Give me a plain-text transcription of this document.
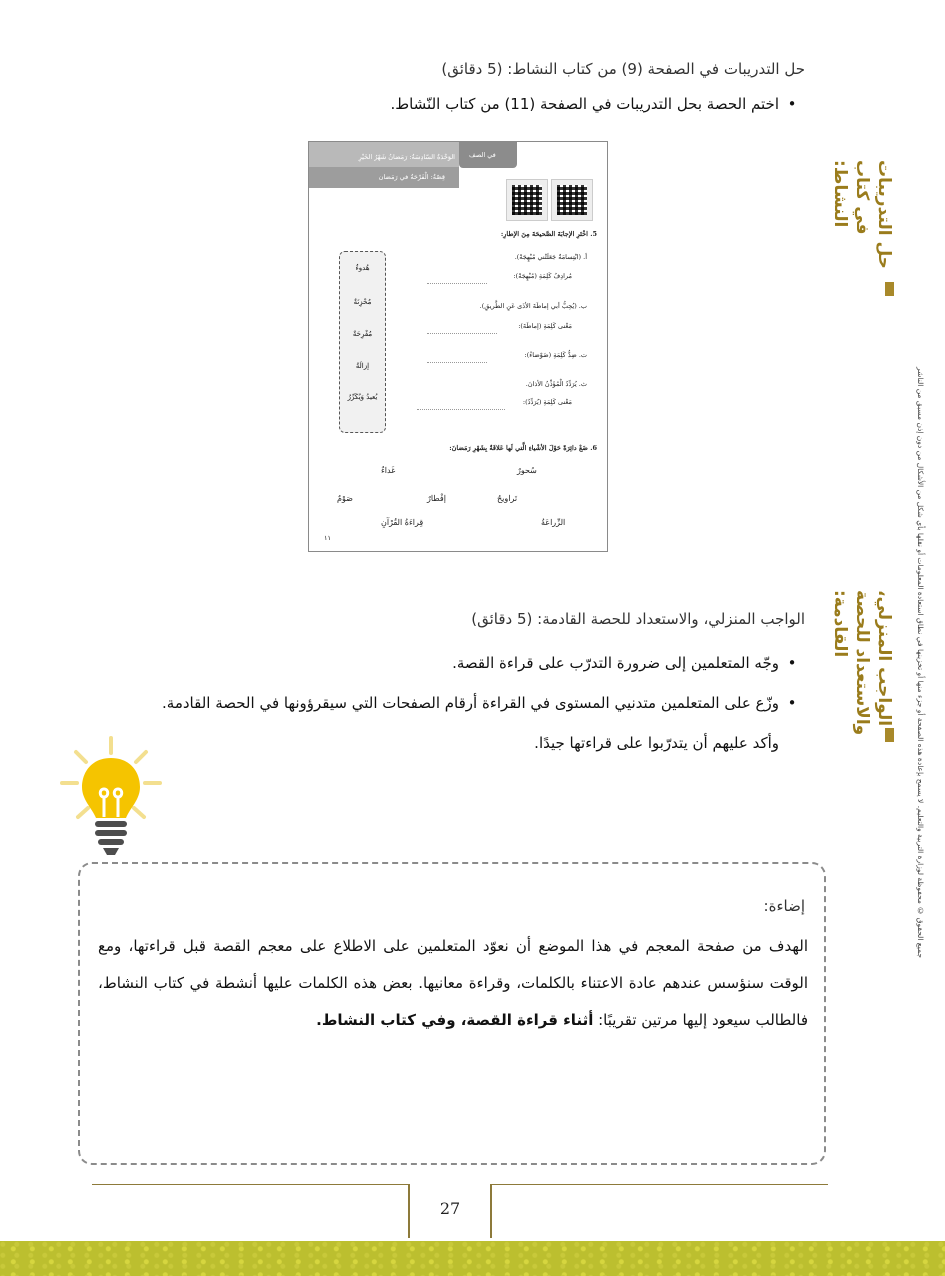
جميع الحقوق © محفوظة لوزارة التربية والتعليم. لا يسمح بإعادة هذه الصفحة أو جزء منها أو تخزينها في نطاق استعادة المعلومات أو نقلها بأي شكل من الأشكال من دون إذن مسبق من الناشر
حل التدريبات في كتاب النشاط:
الواجب المنزلي، والاستعداد للحصة القادمة:
حل التدريبات في الصفحة (9) من كتاب النشاط: (5 دقائق)
•
اختم الحصة بحل التدريبات في الصفحة (11) من كتاب النّشاط.
الوَحْدَةُ السّادِسَةُ: رَمَضانُ شَهْرُ الخَيْرِ
قِصّةُ: الْفَرْحَةُ في رَمَضان
في الصف
5. اخْتَرِ الإجابَةَ الصَّحيحَةَ مِنَ الإطارِ:
أ. (ابْتِسامَةٌ جَعَلَتْني مُبْهِجَةً).
مُرادِفُ كَلِمَةِ (مُبْهِجَةً):
ب. (يُحِبُّ أبي إماطَةَ الأذَى عَنِ الطَّريقِ).
مَعْنى كَلِمَةِ (إماطَةَ):
ت. ضِدُّ كَلِمَةِ (ضَوْضاءُ):
ث. يُرَدِّدُ الْمُؤَذِّنُ الأذانَ.
مَعْنى كَلِمَةِ (يُرَدِّدُ):
هُدوءٌ
مُحْزِنَةٌ
مُفْرِحَةٌ
إزالَةُ
يُعيدُ وَيُكَرِّرُ
6. ضَعْ دائِرَةً حَوْلَ الأشْياءِ الَّتي لَها عَلاقَةٌ بِشَهْرِ رَمَضانَ:
سُحورٌ
غَداءٌ
تَراويحُ
إفْطارٌ
صَوْمٌ
الزِّراعَةُ
قِراءَةُ القُرْآنِ
١١
الواجب المنزلي، والاستعداد للحصة القادمة: (5 دقائق)
•
وجّه المتعلمين إلى ضرورة التدرّب على قراءة القصة.
•
وزّع على المتعلمين متدنيي المستوى في القراءة أرقام الصفحات التي سيقرؤونها في الحصة القادمة.
وأكد عليهم أن يتدرّبوا على قراءتها جيدًا.
إضاءة:
الهدف من صفحة المعجم في هذا الموضع أن نعوّد المتعلمين على الاطلاع على معجم القصة قبل قراءتها، ومع الوقت سنؤسس عندهم عادة الاعتناء بالكلمات، وقراءة معانيها. بعض هذه الكلمات عليها أنشطة في كتاب النشاط، فالطالب سيعود إليها مرتين تقريبًا: أثناء قراءة القصة، وفي كتاب النشاط.
27
